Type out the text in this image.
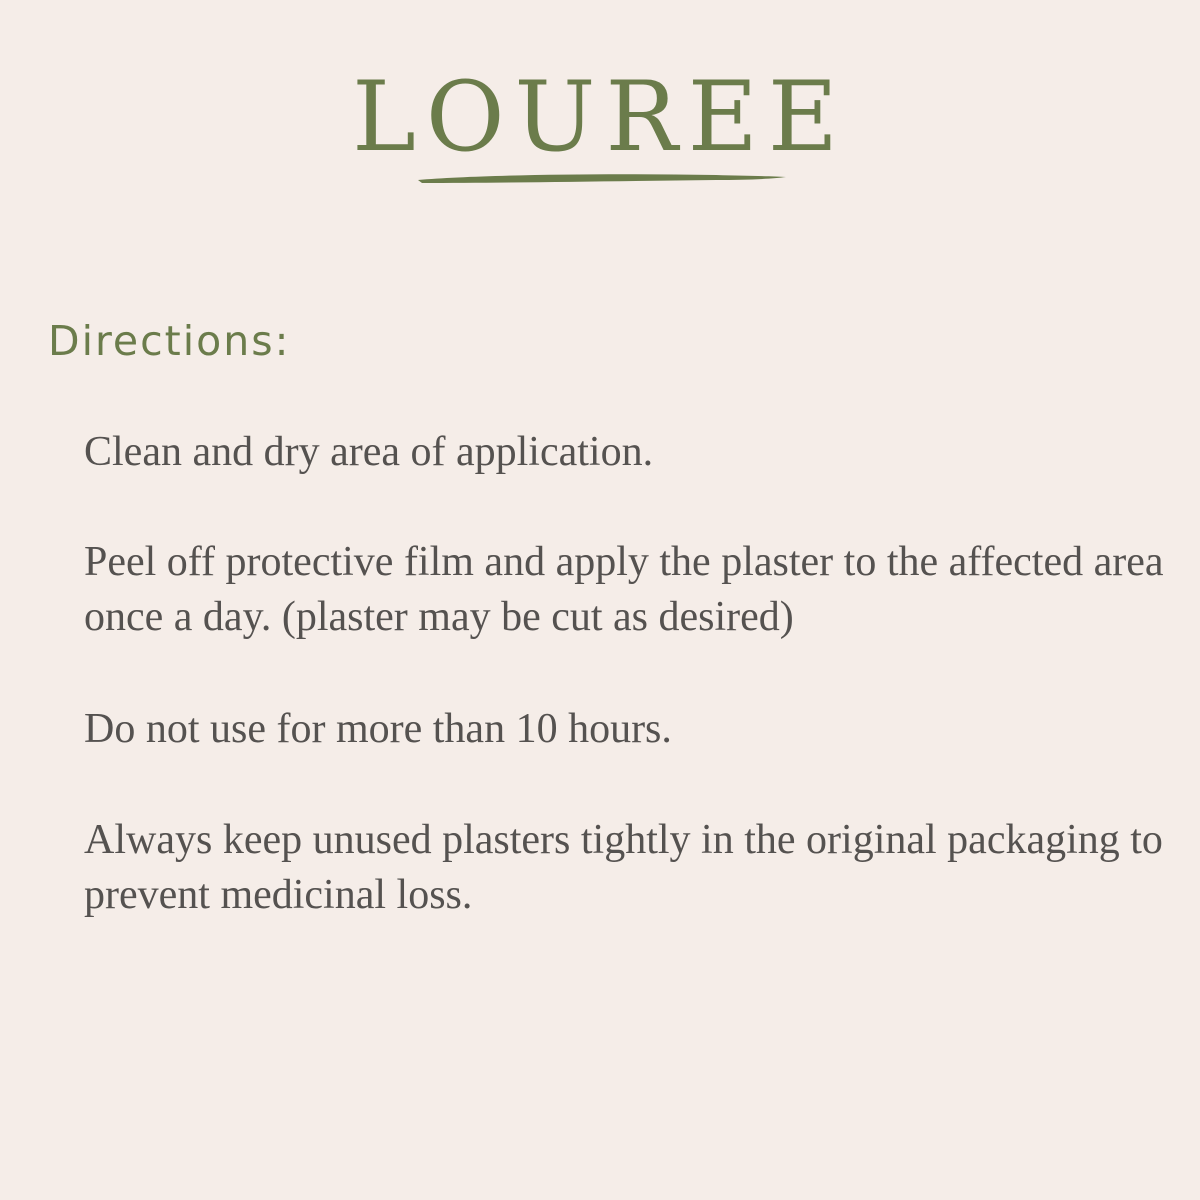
LOUREE
Directions:

Clean and dry area of application.

Peel off protective film and apply the plaster to the affected area once a day. (plaster may be cut as desired)

Do not use for more than 10 hours.

Always keep unused plasters tightly in the original packaging to prevent medicinal loss.
